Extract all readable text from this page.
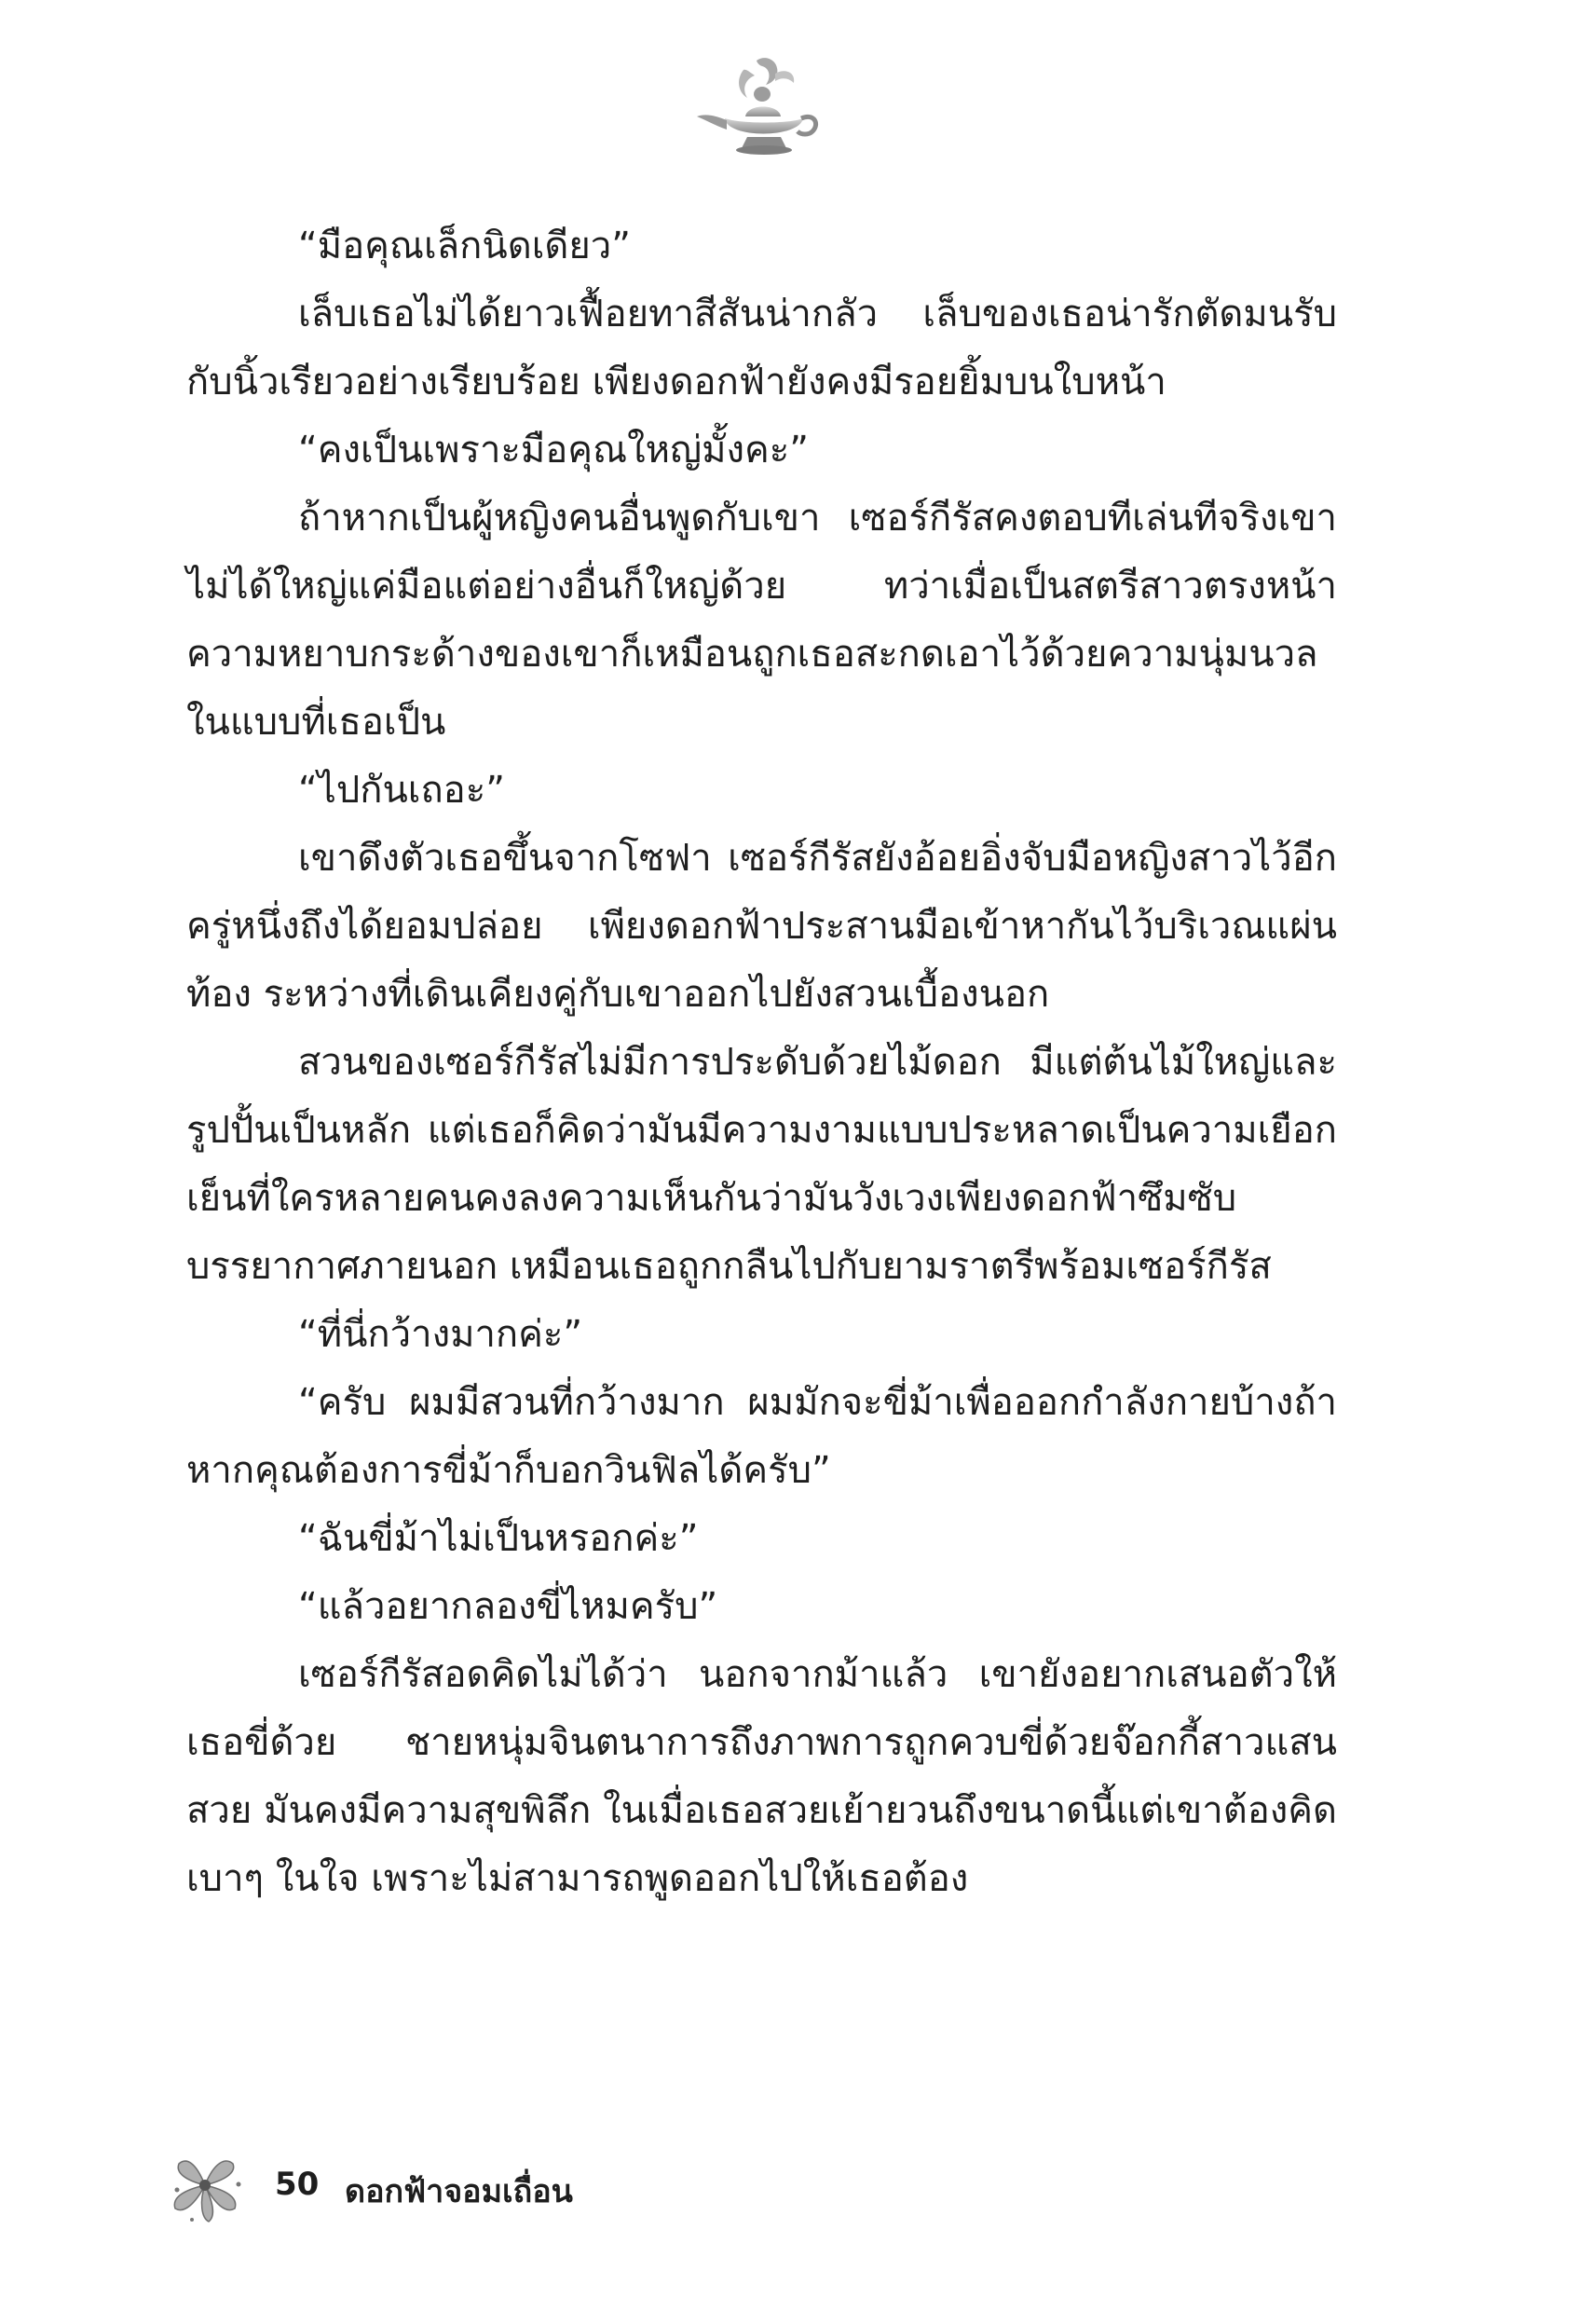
“มือคุณเล็กนิดเดียว”

เล็บเธอไม่ได้ยาวเฟื้อยทาสีสันน่ากลัว เล็บของเธอน่ารักตัดมนรับกับนิ้วเรียวอย่างเรียบร้อย เพียงดอกฟ้ายังคงมีรอยยิ้มบนใบหน้า

“คงเป็นเพราะมือคุณใหญ่มั้งคะ”

ถ้าหากเป็นผู้หญิงคนอื่นพูดกับเขา เซอร์กีรัสคงตอบทีเล่นทีจริงเขาไม่ได้ใหญ่แค่มือแต่อย่างอื่นก็ใหญ่ด้วย ทว่าเมื่อเป็นสตรีสาวตรงหน้าความหยาบกระด้างของเขาก็เหมือนถูกเธอสะกดเอาไว้ด้วยความนุ่มนวลในแบบที่เธอเป็น

“ไปกันเถอะ”

เขาดึงตัวเธอขึ้นจากโซฟา เซอร์กีรัสยังอ้อยอิ่งจับมือหญิงสาวไว้อีกครู่หนึ่งถึงได้ยอมปล่อย เพียงดอกฟ้าประสานมือเข้าหากันไว้บริเวณแผ่นท้อง ระหว่างที่เดินเคียงคู่กับเขาออกไปยังสวนเบื้องนอก

สวนของเซอร์กีรัสไม่มีการประดับด้วยไม้ดอก มีแต่ต้นไม้ใหญ่และรูปปั้นเป็นหลัก แต่เธอก็คิดว่ามันมีความงามแบบประหลาดเป็นความเยือกเย็นที่ใครหลายคนคงลงความเห็นกันว่ามันวังเวงเพียงดอกฟ้าซึมซับบรรยากาศภายนอก เหมือนเธอถูกกลืนไปกับยามราตรีพร้อมเซอร์กีรัส

“ที่นี่กว้างมากค่ะ”

“ครับ ผมมีสวนที่กว้างมาก ผมมักจะขี่ม้าเพื่อออกกำลังกายบ้างถ้าหากคุณต้องการขี่ม้าก็บอกวินฟิลได้ครับ”

“ฉันขี่ม้าไม่เป็นหรอกค่ะ”

“แล้วอยากลองขี่ไหมครับ”

เซอร์กีรัสอดคิดไม่ได้ว่า นอกจากม้าแล้ว เขายังอยากเสนอตัวให้เธอขี่ด้วย ชายหนุ่มจินตนาการถึงภาพการถูกควบขี่ด้วยจ๊อกกี้สาวแสนสวย มันคงมีความสุขพิลึก ในเมื่อเธอสวยเย้ายวนถึงขนาดนี้แต่เขาต้องคิดเบาๆ ในใจ เพราะไม่สามารถพูดออกไปให้เธอต้อง

50 ดอกฟ้าจอมเถื่อน
